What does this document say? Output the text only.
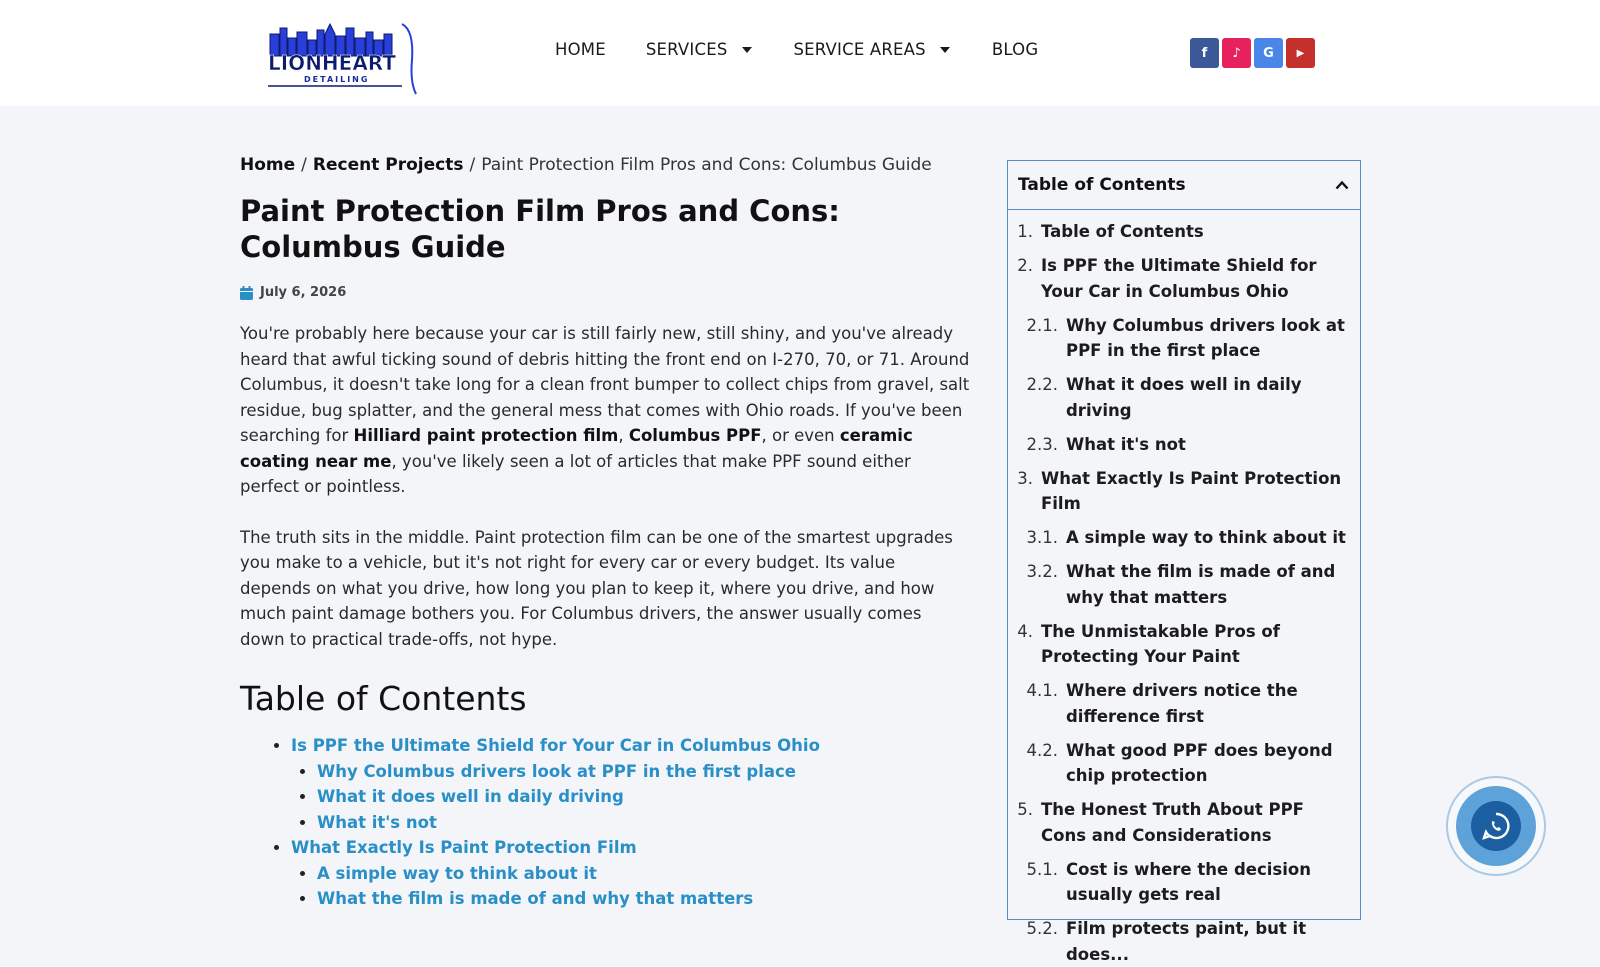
LIONHEART
DETAILING
HOME SERVICES	SERVICE AREAS	BLOG	f ♪ G ▶
Home / Recent Projects / Paint Protection Film Pros and Cons: Columbus Guide
Paint Protection Film Pros and Cons: Columbus Guide
July 6, 2026

You're probably here because your car is still fairly new, still shiny, and you've already heard that awful ticking sound of debris hitting the front end on I-270, 70, or 71. Around Columbus, it doesn't take long for a clean front bumper to collect chips from gravel, salt residue, bug splatter, and the general mess that comes with Ohio roads. If you've been searching for Hilliard paint protection film, Columbus PPF, or even ceramic coating near me, you've likely seen a lot of articles that make PPF sound either perfect or pointless.

The truth sits in the middle. Paint protection film can be one of the smartest upgrades you make to a vehicle, but it's not right for every car or every budget. Its value depends on what you drive, how long you plan to keep it, where you drive, and how much paint damage bothers you. For Columbus drivers, the answer usually comes down to practical trade-offs, not hype.

Table of Contents
Is PPF the Ultimate Shield for Your Car in Columbus Ohio
Why Columbus drivers look at PPF in the first place
What it does well in daily driving
What it's not
What Exactly Is Paint Protection Film
A simple way to think about it
What the film is made of and why that matters
Table of Contents
1. Table of Contents
2. Is PPF the Ultimate Shield for Your Car in Columbus Ohio
2.1. Why Columbus drivers look at PPF in the first place
2.2. What it does well in daily driving
2.3. What it's not
3. What Exactly Is Paint Protection Film
3.1. A simple way to think about it
3.2. What the film is made of and why that matters
4. The Unmistakable Pros of Protecting Your Paint
4.1. Where drivers notice the difference first
4.2. What good PPF does beyond chip protection
5. The Honest Truth About PPF Cons and Considerations
5.1. Cost is where the decision usually gets real
5.2. Film protects paint, but it does...
